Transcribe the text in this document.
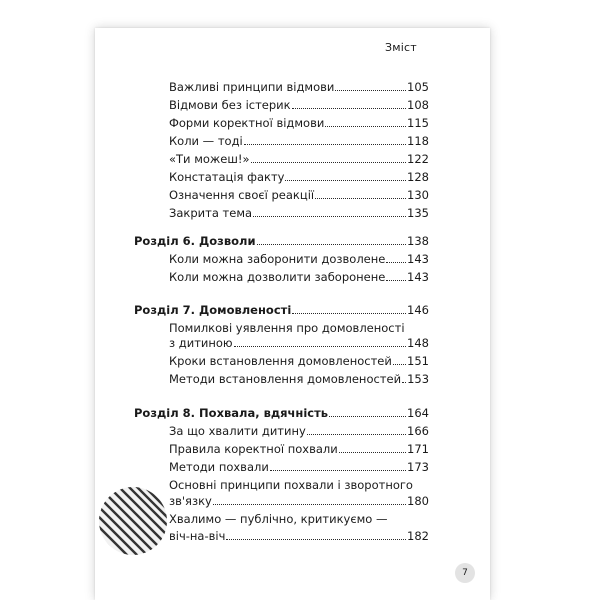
Зміст
Важливі принципи відмови	105
Відмови без істерик	108
Форми коректної відмови	115
Коли — тоді	118
«Ти можеш!»	122
Констатація факту	128
Означення своєї реакції	130
Закрита тема	135
Розділ 6. Дозволи	138
Коли можна заборонити дозволене 143
Коли можна дозволити заборонене 143
Розділ 7. Домовленості	146
Помилкові уявлення про домовленості
з дитиною	148
Кроки встановлення домовленостей 151
Методи встановлення домовленостей 153
Розділ 8. Похвала, вдячність	164
За що хвалити дитину	166
Правила коректної похвали	171
Методи похвали	173
Основні принципи похвали і зворотного
зв'язку	180
Хвалимо — публічно, критикуємо —
віч-на-віч	182
7
